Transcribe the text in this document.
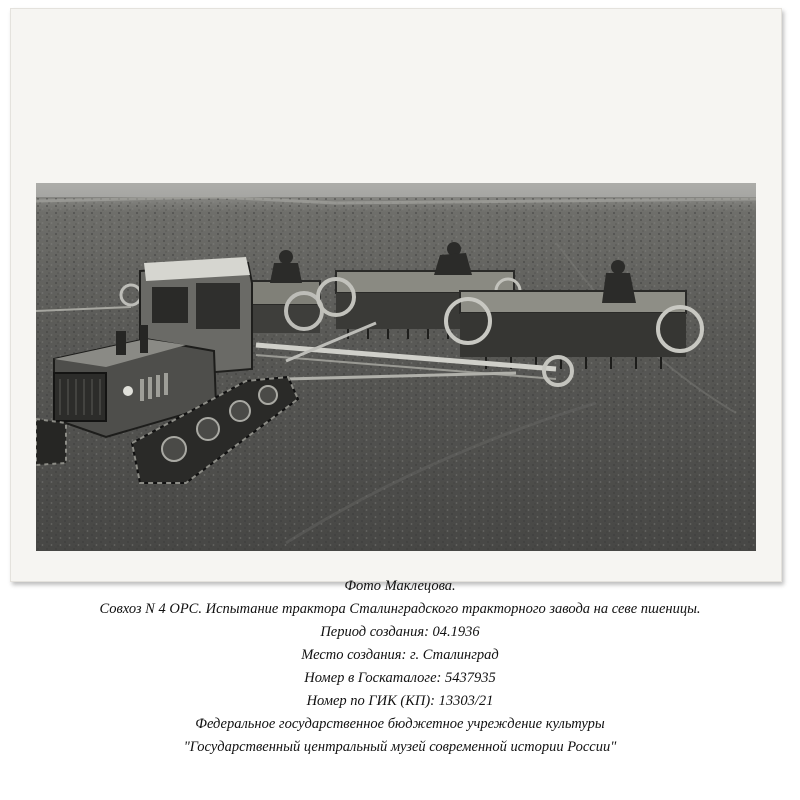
Фото Маклецова.
Совхоз N 4 ОРС. Испытание трактора Сталинградского тракторного завода на севе пшеницы.
Период создания: 04.1936
Место создания: г. Сталинград
Номер в Госкаталоге: 5437935
Номер по ГИК (КП): 13303/21
Федеральное государственное бюджетное учреждение культуры
"Государственный центральный музей современной истории России"
